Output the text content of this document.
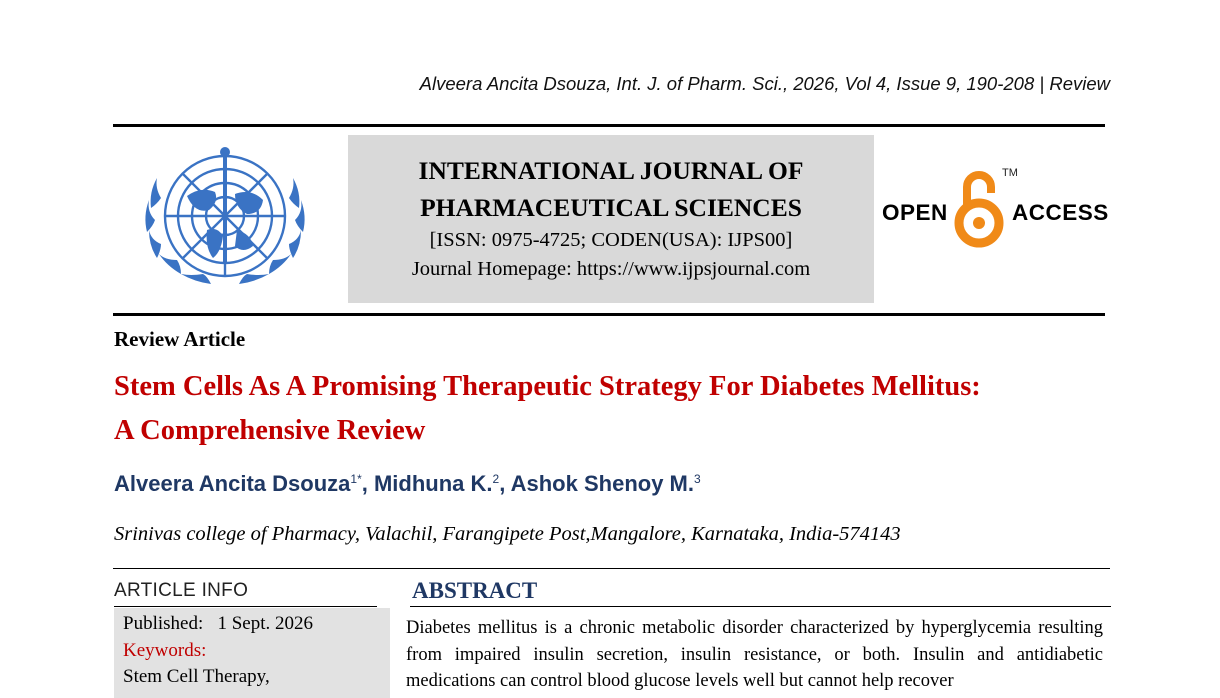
Alveera Ancita Dsouza, Int. J. of Pharm. Sci., 2026, Vol 4, Issue 9, 190-208 | Review
INTERNATIONAL JOURNAL OF
PHARMACEUTICAL SCIENCES
[ISSN: 0975-4725; CODEN(USA): IJPS00]
Journal Homepage: https://www.ijpsjournal.com
OPEN
TM
ACCESS
Review Article
Stem Cells As A Promising Therapeutic Strategy For Diabetes Mellitus:
A Comprehensive Review
Alveera Ancita Dsouza$^{1*}$, Midhuna K.$^2$, Ashok Shenoy M.$^3$
Srinivas college of Pharmacy, Valachil, Farangipete Post,Mangalore, Karnataka, India-574143
ARTICLE INFO
Published: 1 Sept. 2026
Keywords:
Stem Cell Therapy,
ABSTRACT
Diabetes mellitus is a chronic metabolic disorder characterized by hyperglycemia resulting from impaired insulin secretion, insulin resistance, or both. Insulin and antidiabetic medications can control blood glucose levels well but cannot help recover
